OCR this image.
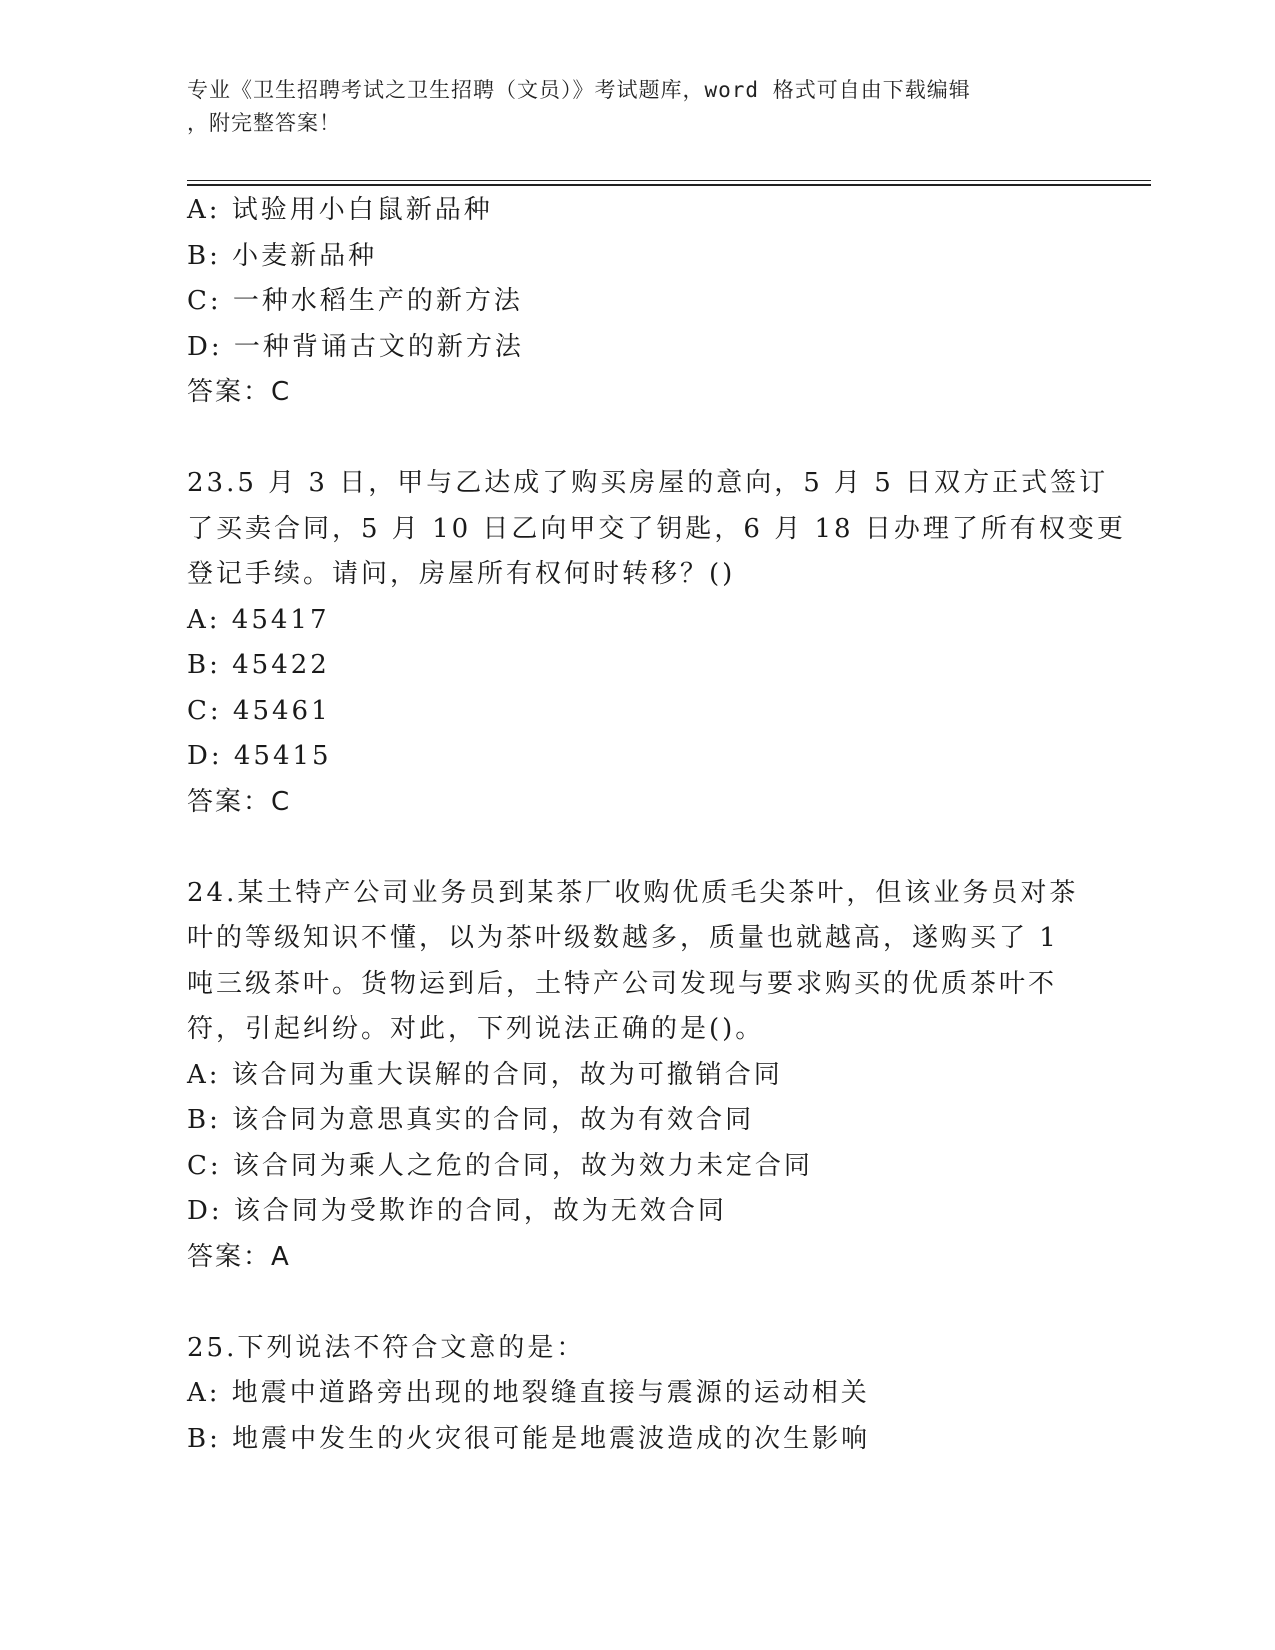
专业《卫生招聘考试之卫生招聘（文员）》考试题库，word 格式可自由下载编辑
，附完整答案！
A: 试验用小白鼠新品种
B: 小麦新品种
C: 一种水稻生产的新方法
D: 一种背诵古文的新方法
答案：C
23.5 月 3 日，甲与乙达成了购买房屋的意向，5 月 5 日双方正式签订
了买卖合同，5 月 10 日乙向甲交了钥匙，6 月 18 日办理了所有权变更
登记手续。请问，房屋所有权何时转移？()
A: 45417
B: 45422
C: 45461
D: 45415
答案：C
24.某土特产公司业务员到某茶厂收购优质毛尖茶叶，但该业务员对茶
叶的等级知识不懂，以为茶叶级数越多，质量也就越高，遂购买了 1
吨三级茶叶。货物运到后，土特产公司发现与要求购买的优质茶叶不
符，引起纠纷。对此，下列说法正确的是()。
A: 该合同为重大误解的合同，故为可撤销合同
B: 该合同为意思真实的合同，故为有效合同
C: 该合同为乘人之危的合同，故为效力未定合同
D: 该合同为受欺诈的合同，故为无效合同
答案：A
25.下列说法不符合文意的是：
A: 地震中道路旁出现的地裂缝直接与震源的运动相关
B: 地震中发生的火灾很可能是地震波造成的次生影响
